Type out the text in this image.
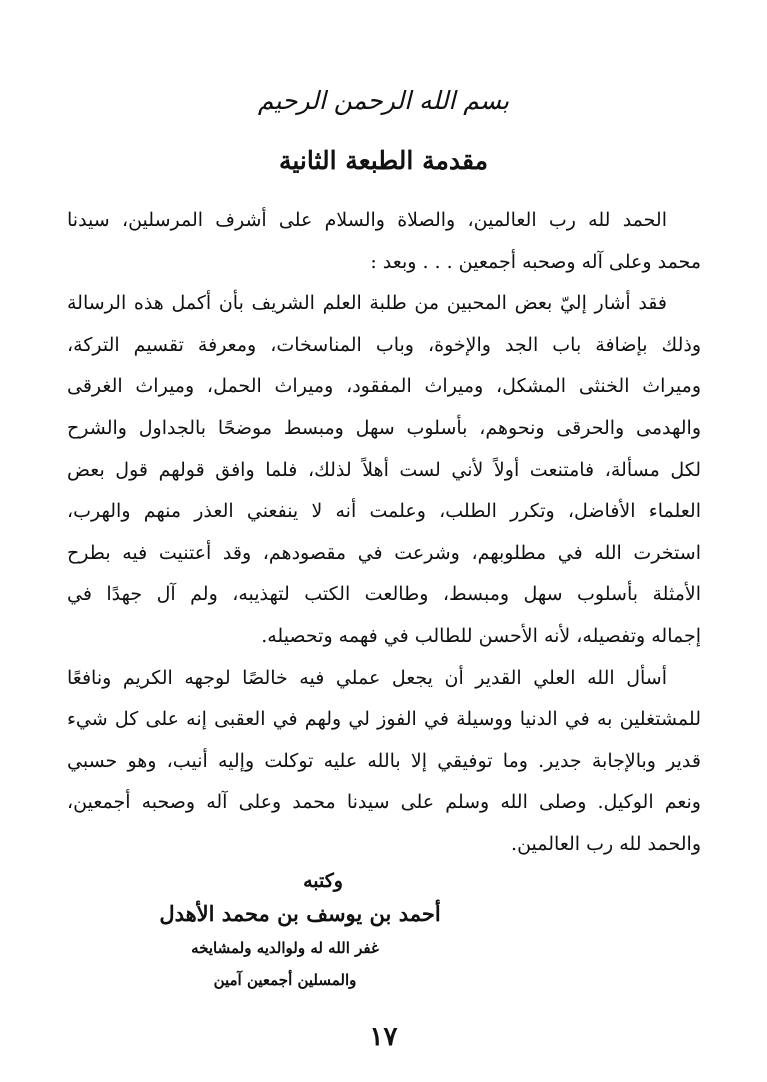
بسم الله الرحمن الرحيم
مقدمة الطبعة الثانية
الحمد لله رب العالمين، والصلاة والسلام على أشرف المرسلين، سيدنا
محمد وعلى آله وصحبه أجمعين . . . وبعد :
فقد أشار إليّ بعض المحبين من طلبة العلم الشريف بأن أكمل هذه الرسالة
وذلك بإضافة باب الجد والإخوة، وباب المناسخات، ومعرفة تقسيم التركة،
وميراث الخنثى المشكل، وميراث المفقود، وميراث الحمل، وميراث الغرقى
والهدمى والحرقى ونحوهم، بأسلوب سهل ومبسط موضحًا بالجداول والشرح
لكل مسألة، فامتنعت أولاً لأني لست أهلاً لذلك، فلما وافق قولهم قول بعض
العلماء الأفاضل، وتكرر الطلب، وعلمت أنه لا ينفعني العذر منهم والهرب،
استخرت الله في مطلوبهم، وشرعت في مقصودهم، وقد أعتنيت فيه بطرح
الأمثلة بأسلوب سهل ومبسط، وطالعت الكتب لتهذيبه، ولم آل جهدًا في
إجماله وتفصيله، لأنه الأحسن للطالب في فهمه وتحصيله.
أسأل الله العلي القدير أن يجعل عملي فيه خالصًا لوجهه الكريم ونافعًا
للمشتغلين به في الدنيا ووسيلة في الفوز لي ولهم في العقبى إنه على كل شيء
قدير وبالإجابة جدير. وما توفيقي إلا بالله عليه توكلت وإليه أنيب، وهو حسبي
ونعم الوكيل. وصلى الله وسلم على سيدنا محمد وعلى آله وصحبه أجمعين،
والحمد لله رب العالمين.
وكتبه
أحمد بن يوسف بن محمد الأهدل
غفر الله له ولوالديه ولمشايخه
والمسلين أجمعين آمين
١٧
